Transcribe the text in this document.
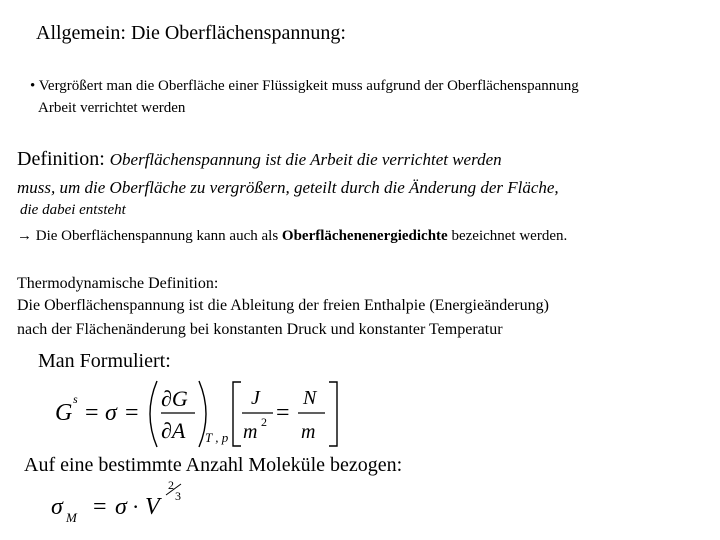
Allgemein: Die Oberflächenspannung:
• Vergrößert man die Oberfläche einer Flüssigkeit muss aufgrund der Oberflächenspannung
Arbeit verrichtet werden
Definition: Oberflächenspannung ist die Arbeit die verrichtet werden
muss, um die Oberfläche zu vergrößern, geteilt durch die Änderung der Fläche,
die dabei entsteht
→ Die Oberflächenspannung kann auch als Oberflächenenergiedichte bezeichnet werden.
Thermodynamische Definition:
Die Oberflächenspannung ist die Ableitung der freien Enthalpie (Energieänderung)
nach der Flächenänderung bei konstanten Druck und konstanter Temperatur
Man Formuliert:
G
s
= σ =
∂G
∂A T , p
J
m 2 =
N
m
Auf eine bestimmte Anzahl Moleküle bezogen:
σ M = σ · V
2
3
